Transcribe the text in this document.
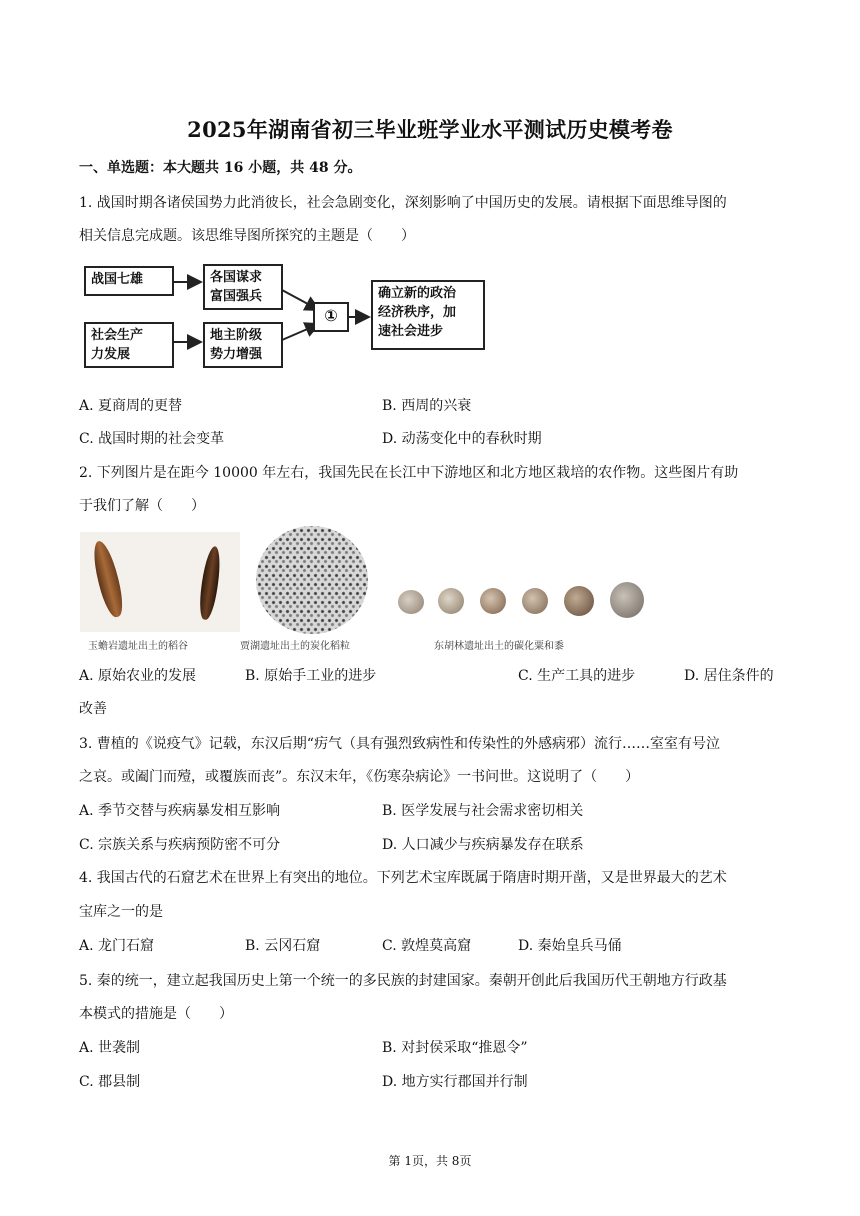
2025年湖南省初三毕业班学业水平测试历史模考卷
一、单选题：本大题共 16 小题，共 48 分。
1. 战国时期各诸侯国势力此消彼长，社会急剧变化，深刻影响了中国历史的发展。请根据下面思维导图的
相关信息完成题。该思维导图所探究的主题是（　　）
战国七雄	各国谋求
富国强兵
社会生产
力发展
地主阶级
势力增强
①
确立新的政治
经济秩序，加
速社会进步
A. 夏商周的更替	B. 西周的兴衰
C. 战国时期的社会变革	D. 动荡变化中的春秋时期
2. 下列图片是在距今 10000 年左右，我国先民在长江中下游地区和北方地区栽培的农作物。这些图片有助
于我们了解（　　）
玉蟾岩遗址出土的稻谷	贾湖遗址出土的炭化稻粒	东胡林遗址出土的碳化粟和黍
A. 原始农业的发展	B. 原始手工业的进步	C. 生产工具的进步	D. 居住条件的
改善
3. 曹植的《说疫气》记载，东汉后期“疠气（具有强烈致病性和传染性的外感病邪）流行……室室有号泣
之哀。或阖门而殪，或覆族而丧”。东汉末年，《伤寒杂病论》一书问世。这说明了（　　）
A. 季节交替与疾病暴发相互影响	B. 医学发展与社会需求密切相关
C. 宗族关系与疾病预防密不可分	D. 人口减少与疾病暴发存在联系
4. 我国古代的石窟艺术在世界上有突出的地位。下列艺术宝库既属于隋唐时期开凿，又是世界最大的艺术
宝库之一的是
A. 龙门石窟	B. 云冈石窟	C. 敦煌莫高窟	D. 秦始皇兵马俑
5. 秦的统一，建立起我国历史上第一个统一的多民族的封建国家。秦朝开创此后我国历代王朝地方行政基
本模式的措施是（　　）
A. 世袭制	B. 对封侯采取“推恩令”
C. 郡县制	D. 地方实行郡国并行制
第 1页，共 8页
